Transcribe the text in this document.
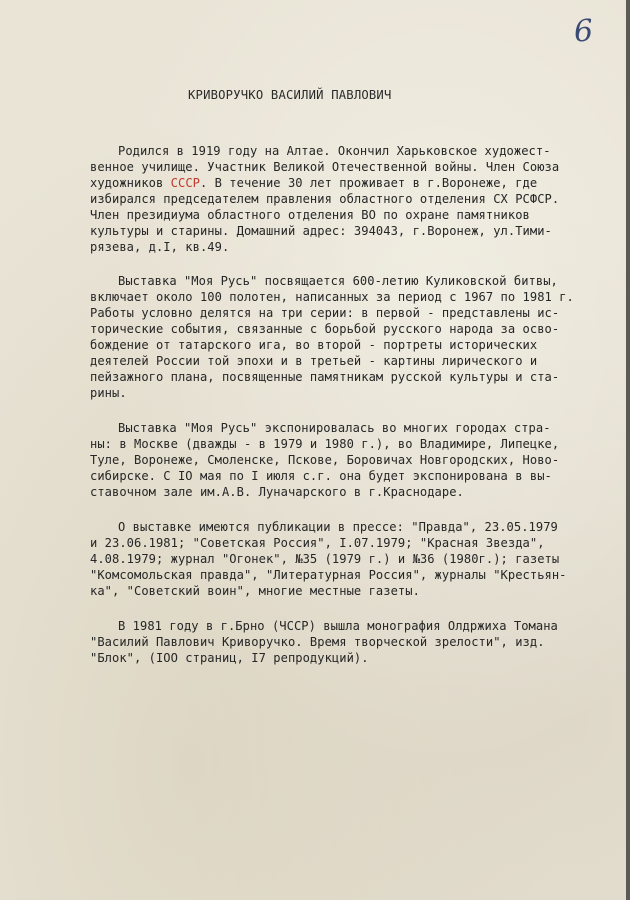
6
КРИВОРУЧКО ВАСИЛИЙ ПАВЛОВИЧ
Родился в 1919 году на Алтае. Окончил Харьковское художест-
венное училище. Участник Великой Отечественной войны. Член Союза
художников СССР. В течение 30 лет проживает в г.Воронеже, где
избирался председателем правления областного отделения СХ РСФСР.
Член президиума областного отделения ВО по охране памятников
культуры и старины. Домашний адрес: 394043, г.Воронеж, ул.Тими-
рязева, д.I, кв.49.
Выставка "Моя Русь" посвящается 600-летию Куликовской битвы,
включает около 100 полотен, написанных за период с 1967 по 1981 г.
Работы условно делятся на три серии: в первой - представлены ис-
торические события, связанные с борьбой русского народа за осво-
бождение от татарского ига, во второй - портреты исторических
деятелей России той эпохи и в третьей - картины лирического и
пейзажного плана, посвященные памятникам русской культуры и ста-
рины.
Выставка "Моя Русь" экспонировалась во многих городах стра-
ны: в Москве (дважды - в 1979 и 1980 г.), во Владимире, Липецке,
Туле, Воронеже, Смоленске, Пскове, Боровичах Новгородских, Ново-
сибирске. С IO мая по I июля с.г. она будет экспонирована в вы-
ставочном зале им.А.В. Луначарского в г.Краснодаре.
О выставке имеются публикации в прессе: "Правда", 23.05.1979
и 23.06.1981; "Советская Россия", I.07.1979; "Красная Звезда",
4.08.1979; журнал "Огонек", №35 (1979 г.) и №36 (1980г.); газеты
"Комсомольская правда", "Литературная Россия", журналы "Крестьян-
ка", "Советский воин", многие местные газеты.
В 1981 году в г.Брно (ЧССР) вышла монография Олдржиха Томана
"Василий Павлович Криворучко. Время творческой зрелости", изд.
"Блок", (IOO страниц, I7 репродукций).
